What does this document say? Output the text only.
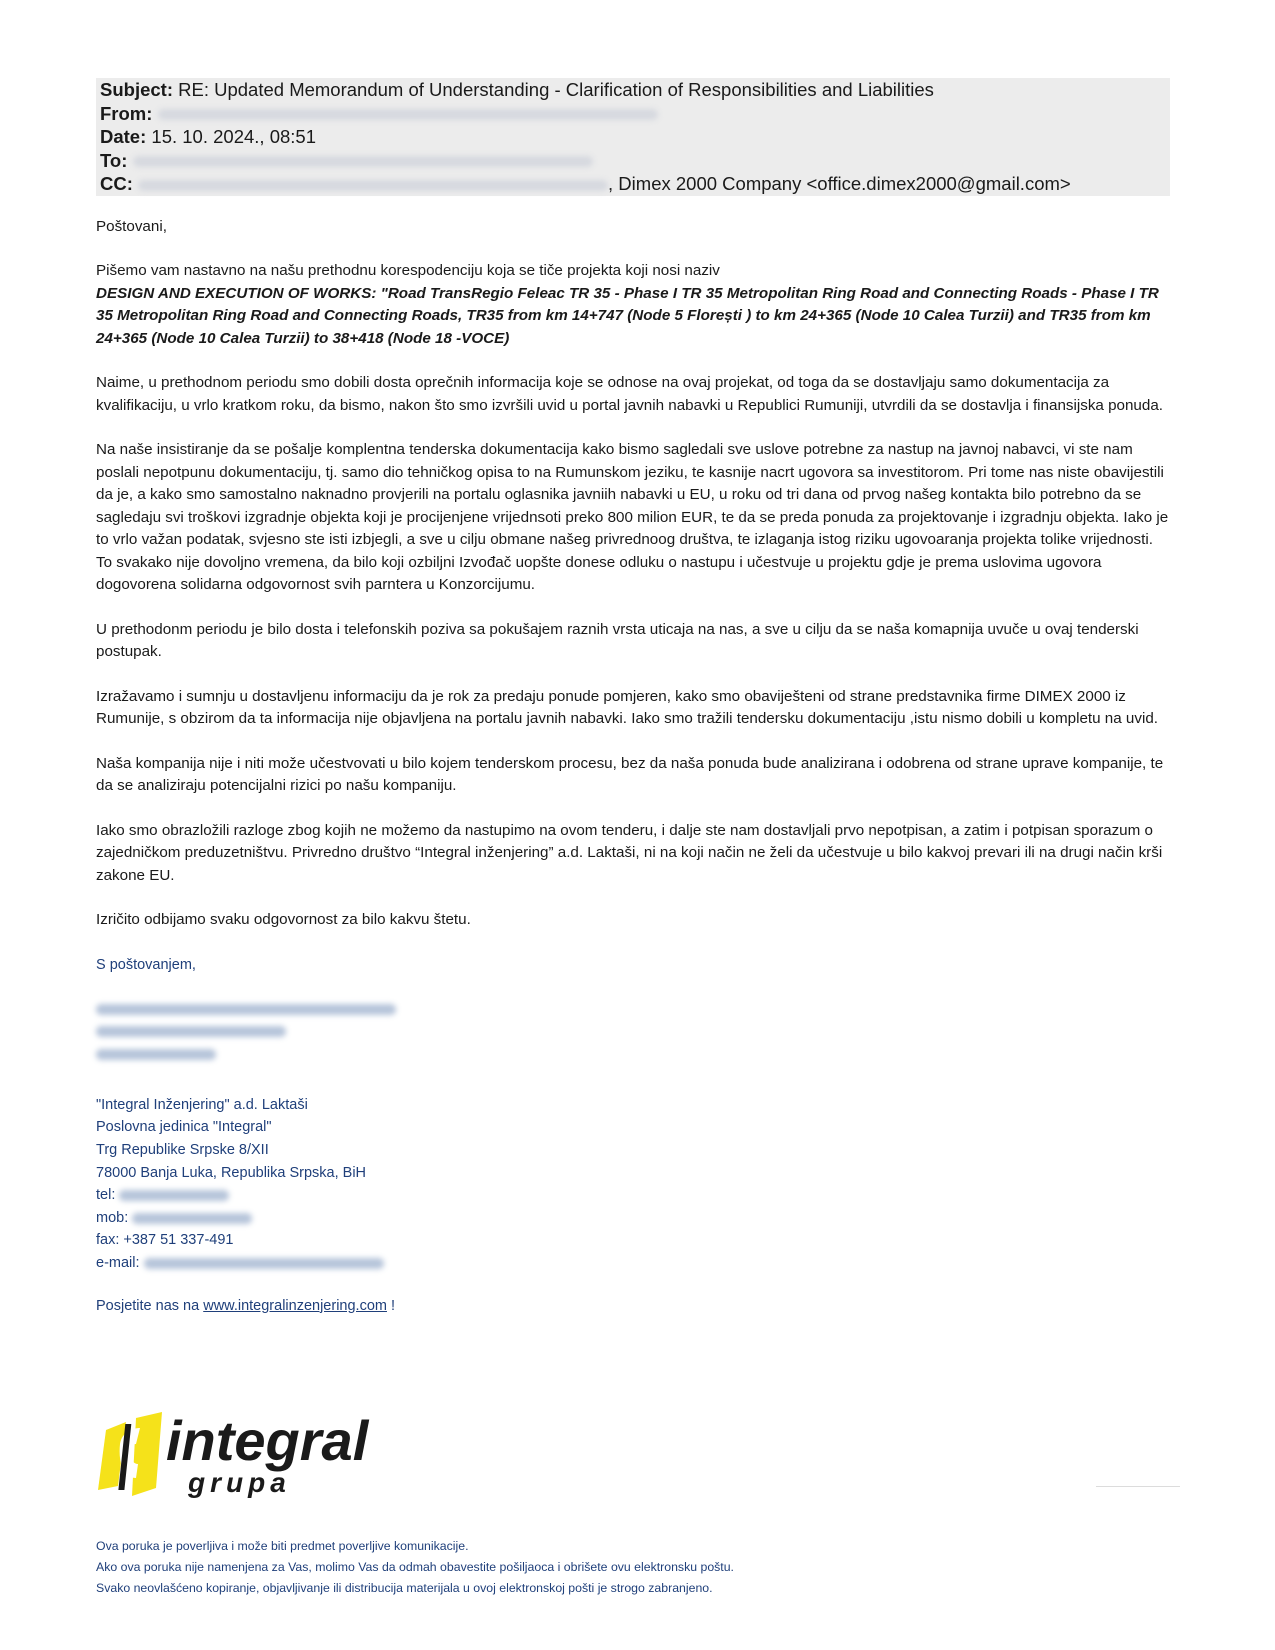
Subject: RE: Updated Memorandum of Understanding - Clarification of Responsibilities and Liabilities
From:
Date: 15. 10. 2024., 08:51
To:
CC:	, Dimex 2000 Company <office.dimex2000@gmail.com>

Poštovani,

Pišemo vam nastavno na našu prethodnu korespodenciju koja se tiče projekta koji nosi naziv
DESIGN AND EXECUTION OF WORKS: "Road TransRegio Feleac TR 35 - Phase I TR 35 Metropolitan Ring Road and Connecting Roads - Phase I TR 35 Metropolitan Ring Road and Connecting Roads, TR35 from km 14+747 (Node 5 Florești ) to km 24+365 (Node 10 Calea Turzii) and TR35 from km 24+365 (Node 10 Calea Turzii) to 38+418 (Node 18 -VOCE)

Naime, u prethodnom periodu smo dobili dosta oprečnih informacija koje se odnose na ovaj projekat, od toga da se dostavljaju samo dokumentacija za kvalifikaciju, u vrlo kratkom roku, da bismo, nakon što smo izvršili uvid u portal javnih nabavki u Republici Rumuniji, utvrdili da se dostavlja i finansijska ponuda.

Na naše insistiranje da se pošalje komplentna tenderska dokumentacija kako bismo sagledali sve uslove potrebne za nastup na javnoj nabavci, vi ste nam poslali nepotpunu dokumentaciju, tj. samo dio tehničkog opisa to na Rumunskom jeziku, te kasnije nacrt ugovora sa investitorom. Pri tome nas niste obavijestili da je, a kako smo samostalno naknadno provjerili na portalu oglasnika javniih nabavki u EU, u roku od tri dana od prvog našeg kontakta bilo potrebno da se sagledaju svi troškovi izgradnje objekta koji je procijenjene vrijednsoti preko 800 milion EUR, te da se preda ponuda za projektovanje i izgradnju objekta. Iako je to vrlo važan podatak, svjesno ste isti izbjegli, a sve u cilju obmane našeg privrednoog društva, te izlaganja istog riziku ugovoaranja projekta tolike vrijednosti. To svakako nije dovoljno vremena, da bilo koji ozbiljni Izvođač uopšte donese odluku o nastupu i učestvuje u projektu gdje je prema uslovima ugovora dogovorena solidarna odgovornost svih parntera u Konzorcijumu.

U prethodonm periodu je bilo dosta i telefonskih poziva sa pokušajem raznih vrsta uticaja na nas, a sve u cilju da se naša komapnija uvuče u ovaj tenderski postupak.

Izražavamo i sumnju u dostavljenu informaciju da je rok za predaju ponude pomjeren, kako smo obaviješteni od strane predstavnika firme DIMEX 2000 iz Rumunije, s obzirom da ta informacija nije objavljena na portalu javnih nabavki. Iako smo tražili tendersku dokumentaciju ,istu nismo dobili u kompletu na uvid.

Naša kompanija nije i niti može učestvovati u bilo kojem tenderskom procesu, bez da naša ponuda bude analizirana i odobrena od strane uprave kompanije, te da se analiziraju potencijalni rizici po našu kompaniju.

Iako smo obrazložili razloge zbog kojih ne možemo da nastupimo na ovom tenderu, i dalje ste nam dostavljali prvo nepotpisan, a zatim i potpisan sporazum o zajedničkom preduzetništvu. Privredno društvo “Integral inženjering” a.d. Laktaši, ni na koji način ne želi da učestvuje u bilo kakvoj prevari ili na drugi način krši zakone EU.

Izričito odbijamo svaku odgovornost za bilo kakvu štetu.

S poštovanjem,
"Integral Inženjering" a.d. Laktaši
Poslovna jedinica "Integral"
Trg Republike Srpske 8/XII
78000 Banja Luka, Republika Srpska, BiH
tel:
mob:
fax: +387 51 337-491
e-mail:
Posjetite nas na www.integralinzenjering.com !
integral
grupa
Ova poruka je poverljiva i može biti predmet poverljive komunikacije.
Ako ova poruka nije namenjena za Vas, molimo Vas da odmah obavestite pošiljaoca i obrišete ovu elektronsku poštu.
Svako neovlašćeno kopiranje, objavljivanje ili distribucija materijala u ovoj elektronskoj pošti je strogo zabranjeno.
